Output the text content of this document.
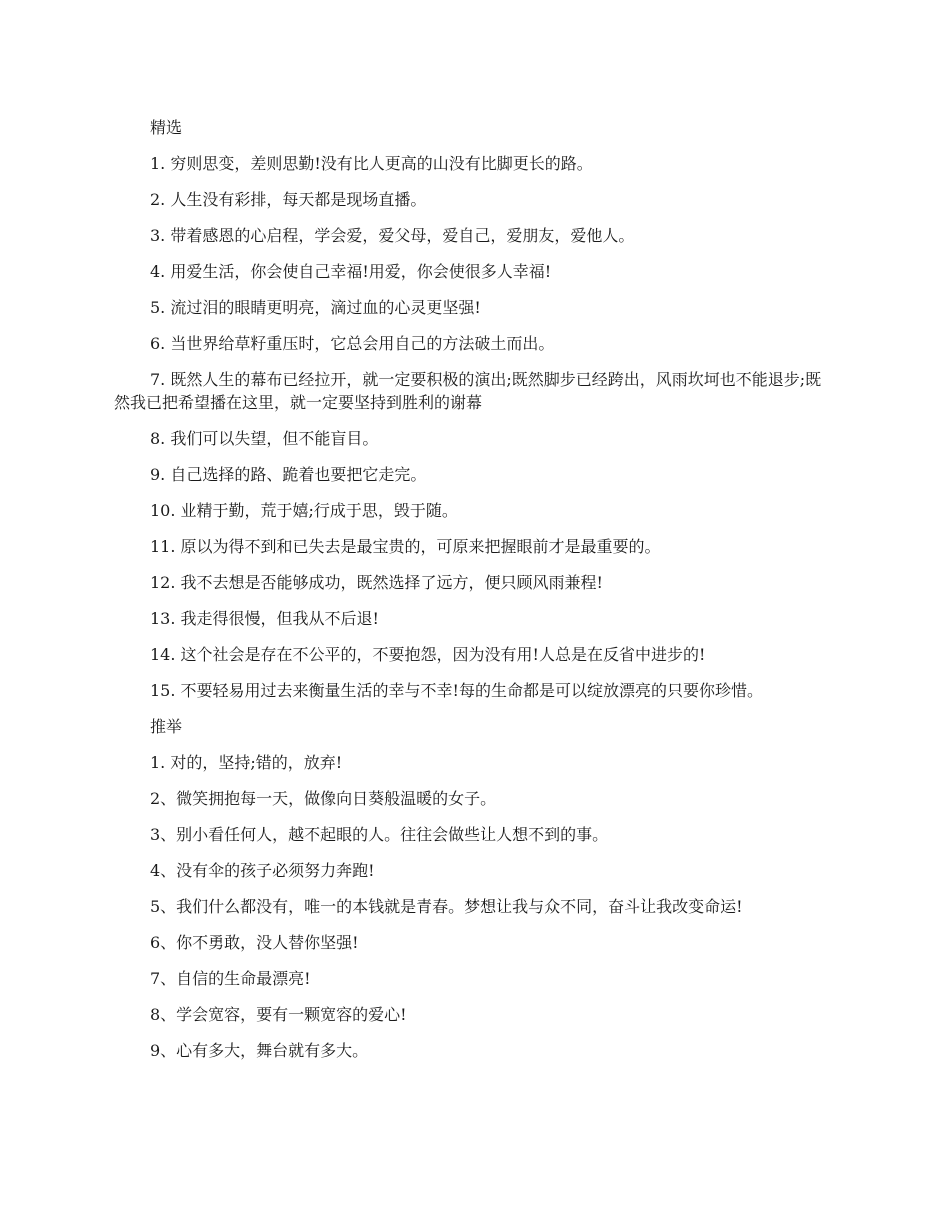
精选

1. 穷则思变，差则思勤!没有比人更高的山没有比脚更长的路。

2. 人生没有彩排，每天都是现场直播。

3. 带着感恩的心启程，学会爱，爱父母，爱自己，爱朋友，爱他人。

4. 用爱生活，你会使自己幸福!用爱，你会使很多人幸福!

5. 流过泪的眼睛更明亮，滴过血的心灵更坚强!

6. 当世界给草籽重压时，它总会用自己的方法破土而出。

7. 既然人生的幕布已经拉开，就一定要积极的演出;既然脚步已经跨出，风雨坎坷也不能退步;既然我已把希望播在这里，就一定要坚持到胜利的谢幕

8. 我们可以失望，但不能盲目。

9. 自己选择的路、跪着也要把它走完。

10. 业精于勤，荒于嬉;行成于思，毁于随。

11. 原以为得不到和已失去是最宝贵的，可原来把握眼前才是最重要的。

12. 我不去想是否能够成功，既然选择了远方，便只顾风雨兼程!

13. 我走得很慢，但我从不后退!

14. 这个社会是存在不公平的，不要抱怨，因为没有用!人总是在反省中进步的!

15. 不要轻易用过去来衡量生活的幸与不幸!每的生命都是可以绽放漂亮的只要你珍惜。

推举

1. 对的，坚持;错的，放弃!

2、微笑拥抱每一天，做像向日葵般温暖的女子。

3、别小看任何人，越不起眼的人。往往会做些让人想不到的事。

4、没有伞的孩子必须努力奔跑!

5、我们什么都没有，唯一的本钱就是青春。梦想让我与众不同，奋斗让我改变命运!

6、你不勇敢，没人替你坚强!

7、自信的生命最漂亮!

8、学会宽容，要有一颗宽容的爱心!

9、心有多大，舞台就有多大。
